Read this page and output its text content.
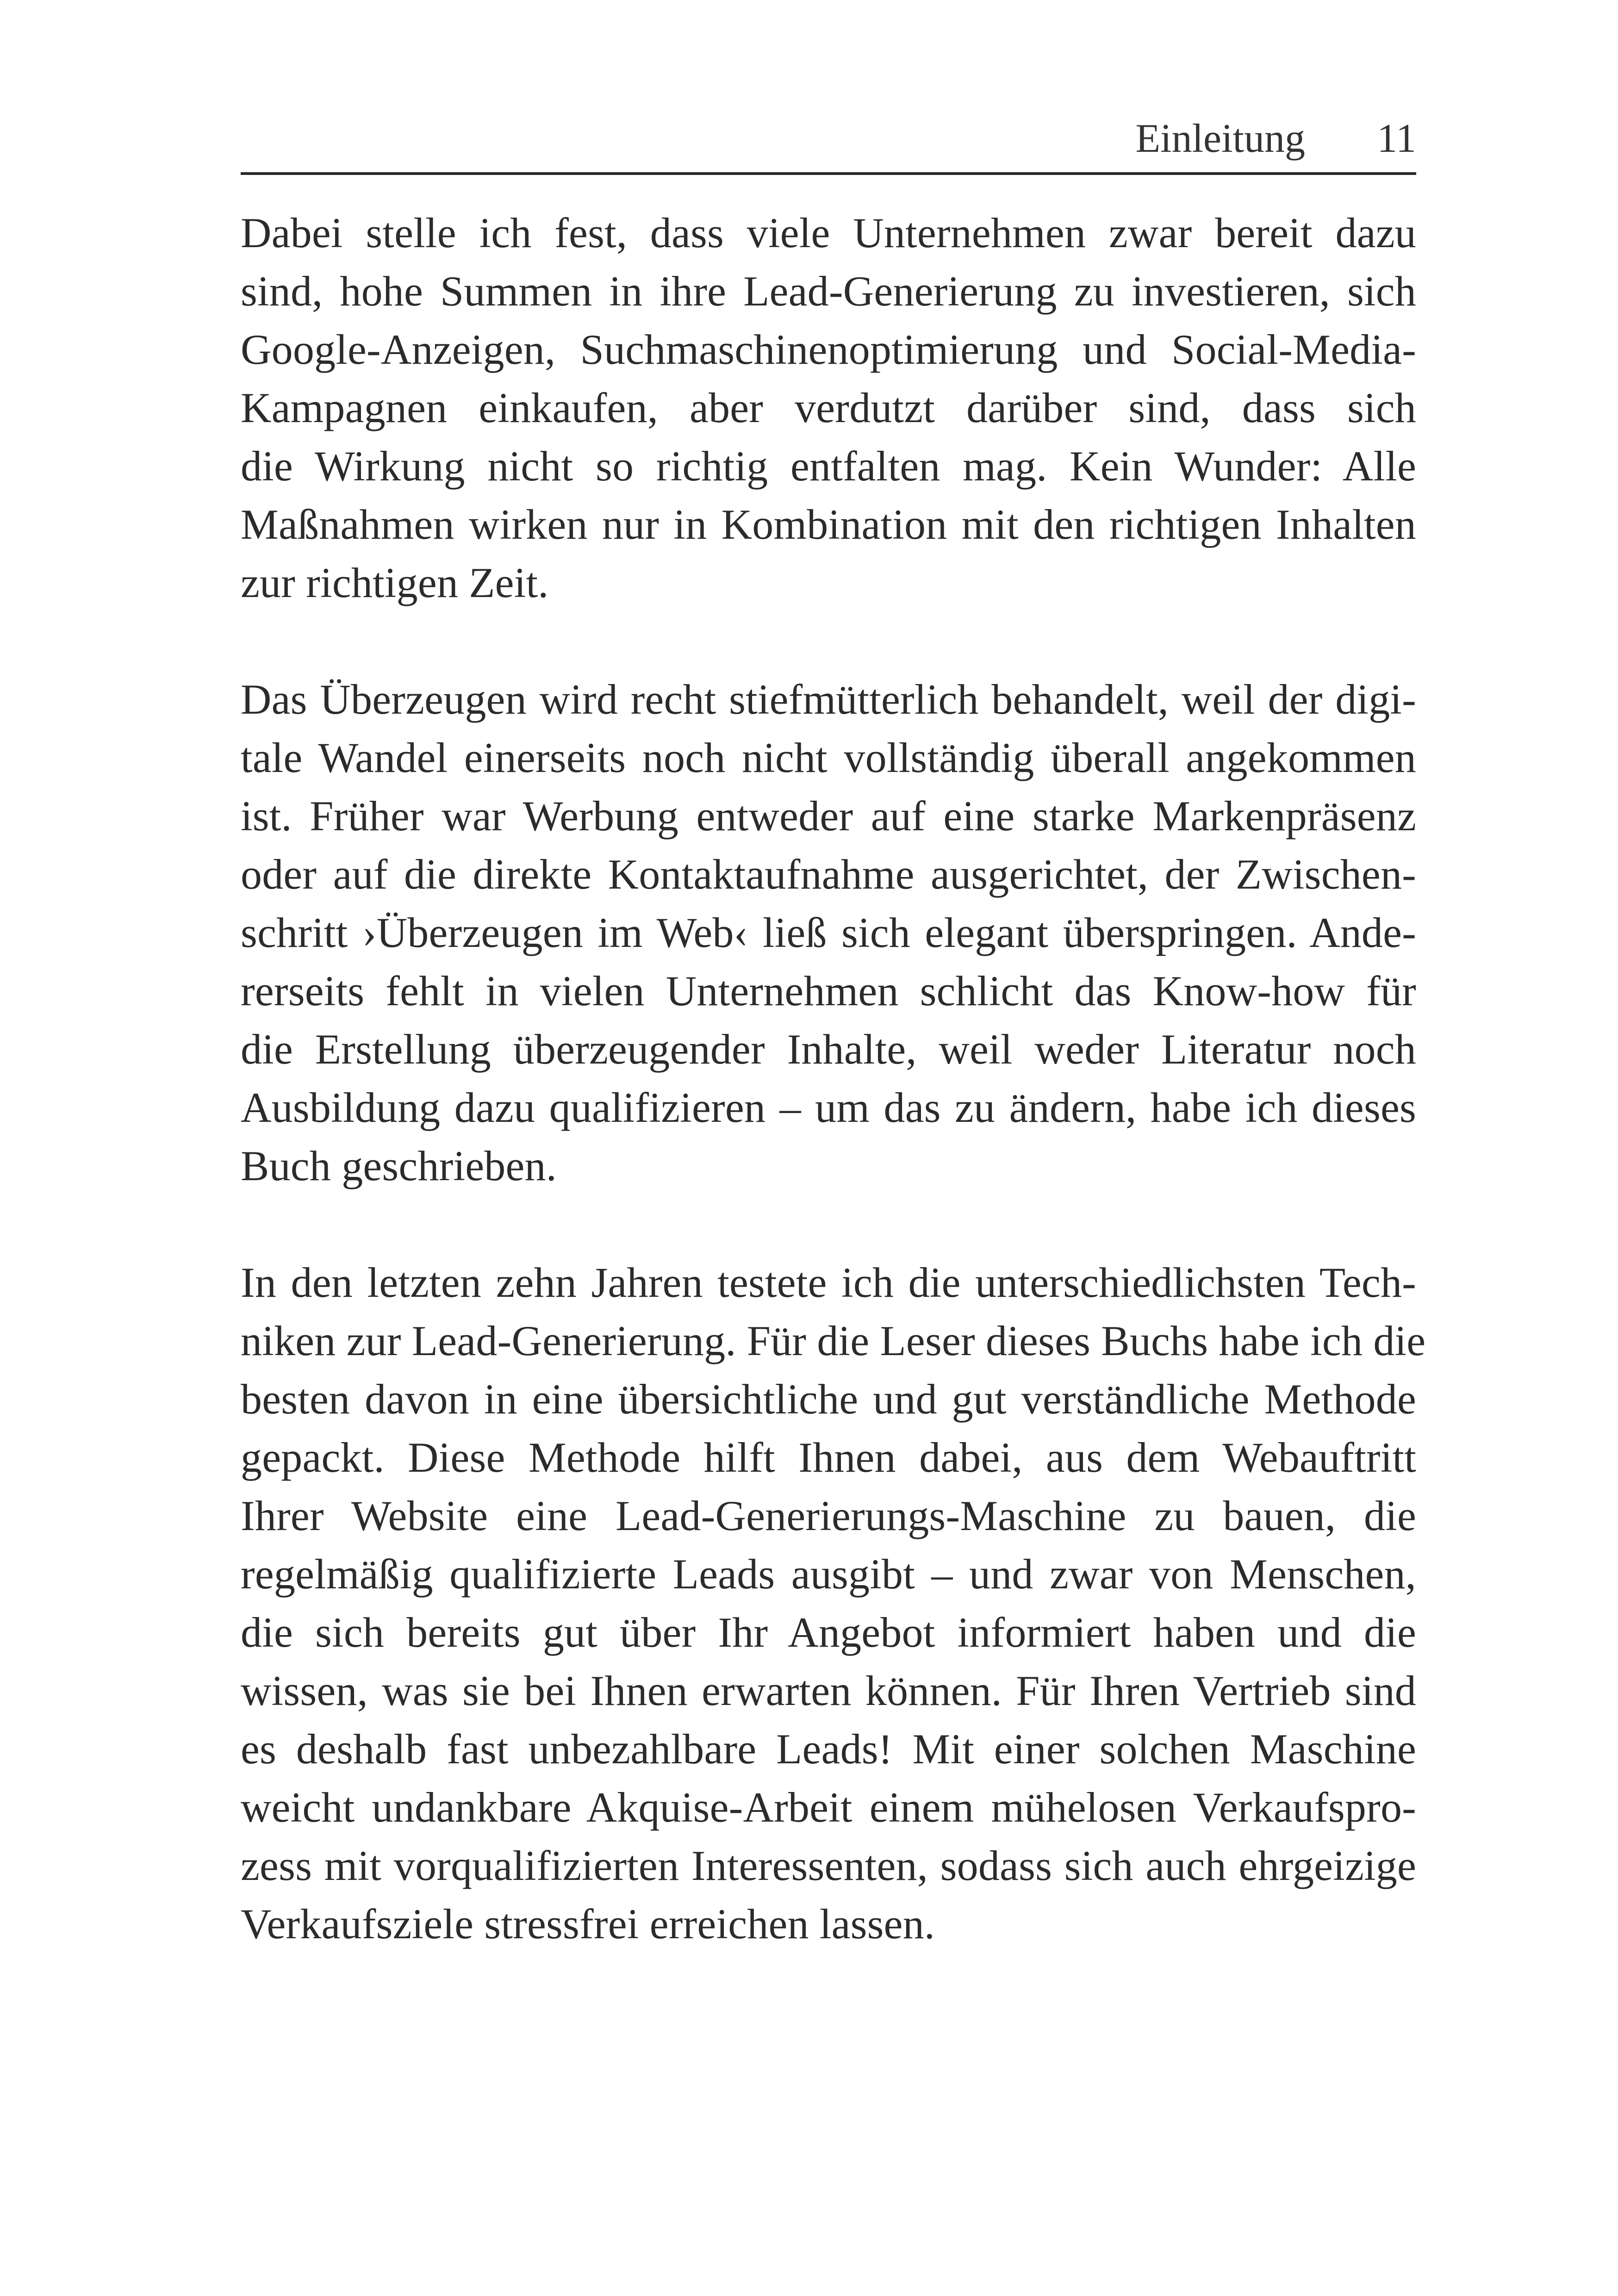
Einleitung 11

Dabei stelle ich fest, dass viele Unternehmen zwar bereit dazu
sind, hohe Summen in ihre Lead-Generierung zu investieren, sich
Google-Anzeigen, Suchmaschinenoptimierung und Social-Media-
Kampagnen einkaufen, aber verdutzt darüber sind, dass sich
die Wirkung nicht so richtig entfalten mag. Kein Wunder: Alle
Maßnahmen wirken nur in Kombination mit den richtigen Inhalten
zur richtigen Zeit.

Das Überzeugen wird recht stiefmütterlich behandelt, weil der digi-
tale Wandel einerseits noch nicht vollständig überall angekommen
ist. Früher war Werbung entweder auf eine starke Markenpräsenz
oder auf die direkte Kontaktaufnahme ausgerichtet, der Zwischen-
schritt ›Überzeugen im Web‹ ließ sich elegant überspringen. Ande-
rerseits fehlt in vielen Unternehmen schlicht das Know-how für
die Erstellung überzeugender Inhalte, weil weder Literatur noch
Ausbildung dazu qualifizieren – um das zu ändern, habe ich dieses
Buch geschrieben.

In den letzten zehn Jahren testete ich die unterschiedlichsten Tech-
niken zur Lead-Generierung. Für die Leser dieses Buchs habe ich die
besten davon in eine übersichtliche und gut verständliche Methode
gepackt. Diese Methode hilft Ihnen dabei, aus dem Webauftritt
Ihrer Website eine Lead-Generierungs-Maschine zu bauen, die
regelmäßig qualifizierte Leads ausgibt – und zwar von Menschen,
die sich bereits gut über Ihr Angebot informiert haben und die
wissen, was sie bei Ihnen erwarten können. Für Ihren Vertrieb sind
es deshalb fast unbezahlbare Leads! Mit einer solchen Maschine
weicht undankbare Akquise-Arbeit einem mühelosen Verkaufspro-
zess mit vorqualifizierten Interessenten, sodass sich auch ehrgeizige
Verkaufsziele stressfrei erreichen lassen.
